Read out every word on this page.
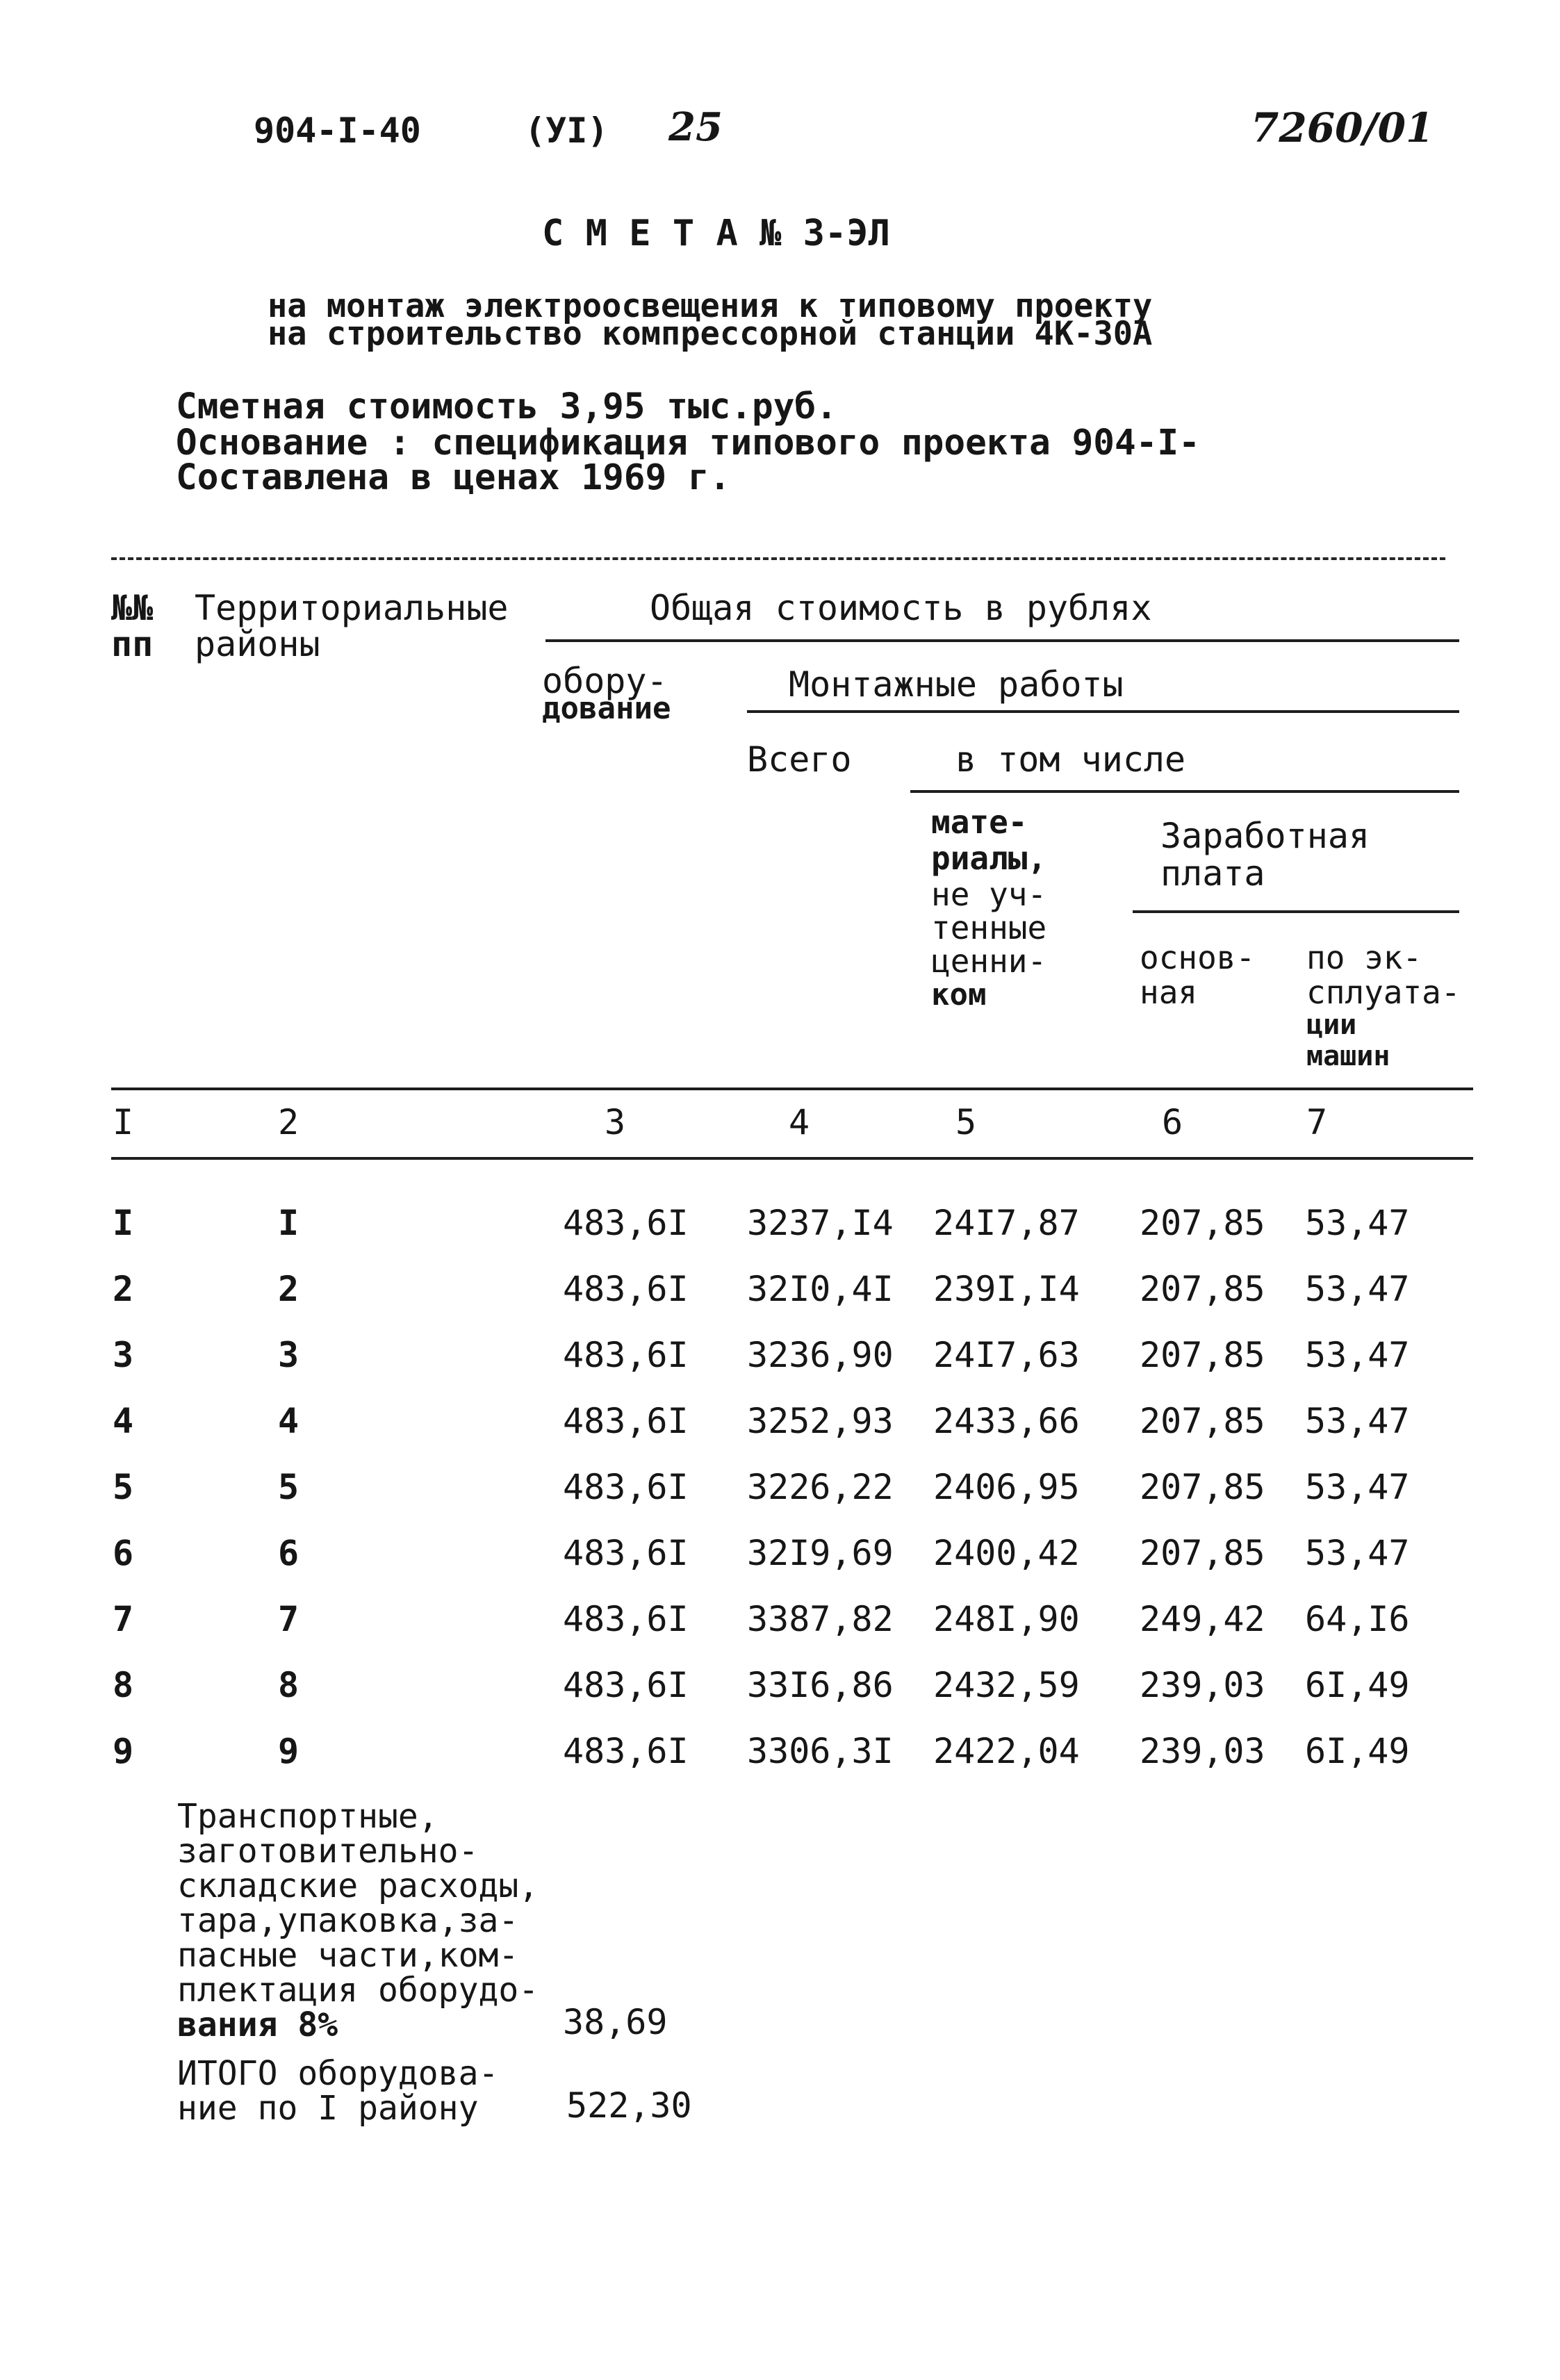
904-I-40	(УI) 25	7260/01
С М Е Т А № 3-ЭЛ
на монтаж электроосвещения к типовому проекту
на строительство компрессорной станции 4К-30А
Сметная стоимость 3,95 тыс.руб.
Основание : спецификация типового проекта 904-I-
Составлена в ценах 1969 г.
№№
пп
Территориальные
районы
Общая стоимость в рублях
обору-
дование
Монтажные работы
Всего	в том числе
мате-
риалы,
не уч-
тенные
ценни-
ком
Заработная
плата
основ-
ная
по эк-
сплуата-
ции
машин
I	2	3	4	5	6	7
I	I	483,6I 3237,I4 24I7,87 207,85 53,47
2	2	483,6I 32I0,4I 239I,I4 207,85 53,47
3	3	483,6I 3236,90 24I7,63 207,85 53,47
4	4	483,6I 3252,93 2433,66 207,85 53,47
5	5	483,6I 3226,22 2406,95 207,85 53,47
6	6	483,6I 32I9,69 2400,42 207,85 53,47
7	7	483,6I 3387,82 248I,90 249,42 64,I6
8	8	483,6I 33I6,86 2432,59 239,03 6I,49
9	9	483,6I 3306,3I 2422,04 239,03 6I,49
Транспортные,
заготовительно-
складские расходы,
тара,упаковка,за-
пасные части,ком-
плектация оборудо-
вания 8%	38,69
ИТОГО оборудова-
ние по I району	522,30
